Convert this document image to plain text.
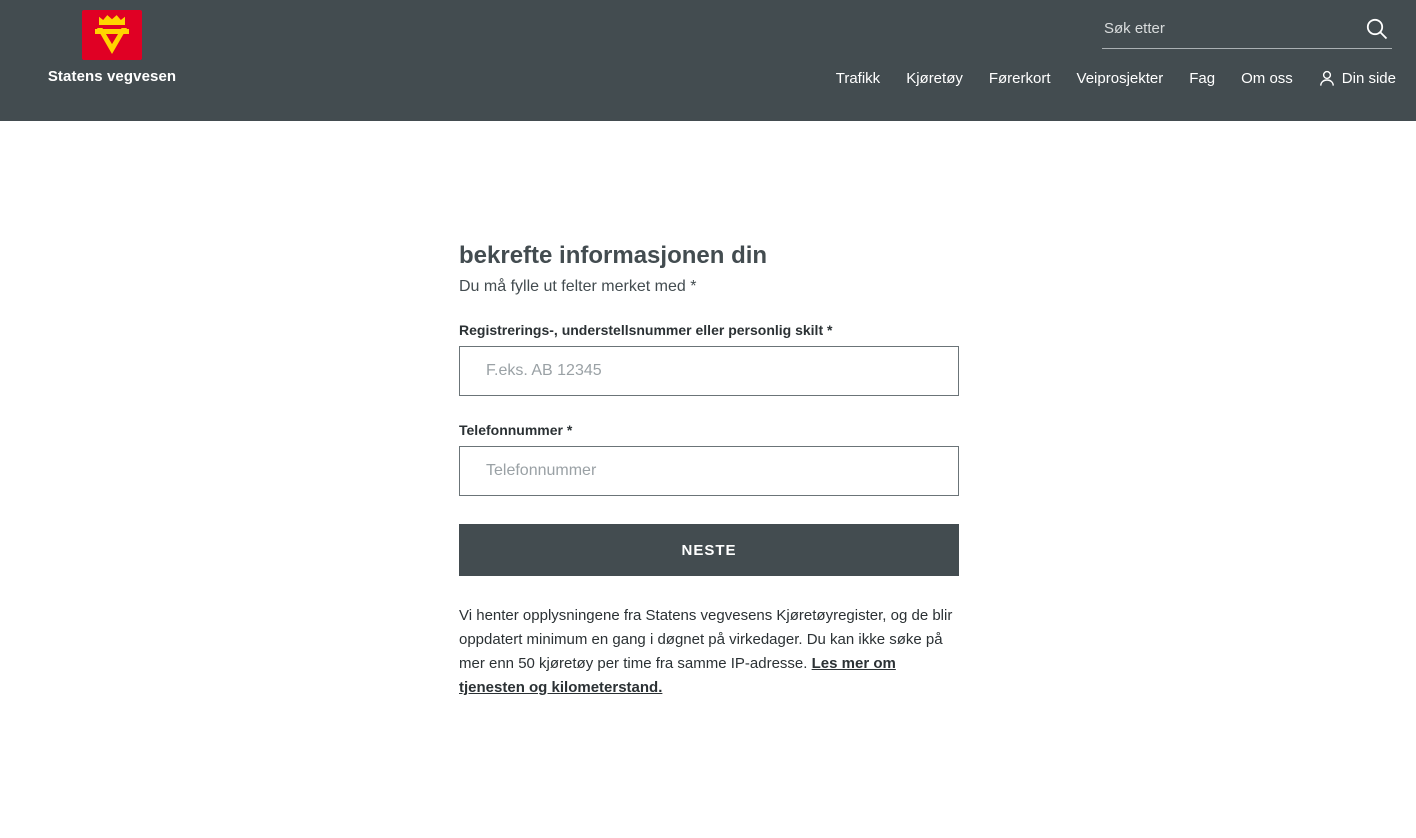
Statens vegvesen
Søk etter	Trafikk Kjøretøy Førerkort Veiprosjekter Fag Om oss	Din side
bekrefte informasjonen din
Du må fylle ut felter merket med *
Registrerings-, understellsnummer eller personlig skilt *
F.eks. AB 12345
Telefonnummer *
Telefonnummer
NESTE

Vi henter opplysningene fra Statens vegvesens Kjøretøyregister, og de blir oppdatert minimum en gang i døgnet på virkedager. Du kan ikke søke på mer enn 50 kjøretøy per time fra samme IP-adresse. Les mer om tjenesten og kilometerstand.
